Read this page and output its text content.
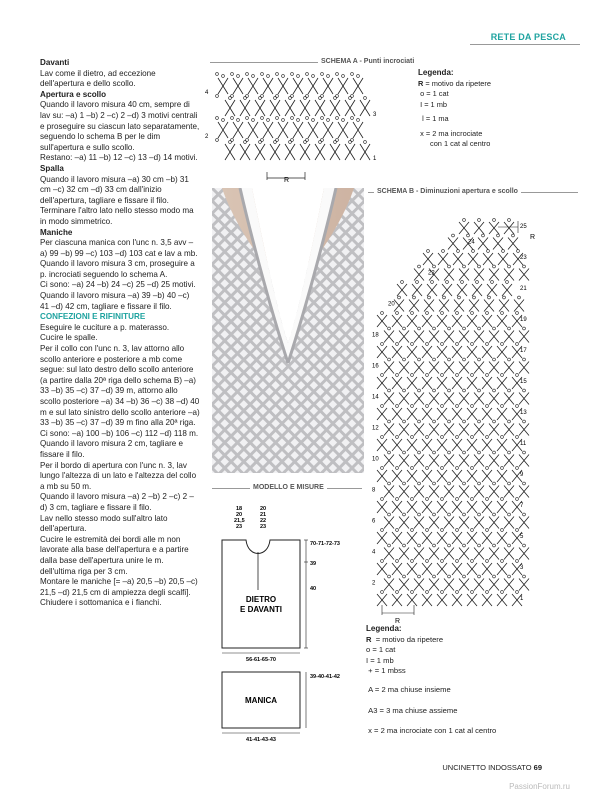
RETE DA PESCA

Davanti

Lav come il dietro, ad eccezione dell'apertura e dello scollo.

Apertura e scollo

Quando il lavoro misura 40 cm, sempre di lav su: –a) 1 –b) 2 –c) 2 –d) 3 motivi centrali e proseguire su ciascun lato separatamente, seguendo lo schema B per le dim sull'apertura e sullo scollo.

Restano: –a) 11 –b) 12 –c) 13 –d) 14 motivi.

Spalla

Quando il lavoro misura –a) 30 cm –b) 31 cm –c) 32 cm –d) 33 cm dall'inizio dell'apertura, tagliare e fissare il filo.

Terminare l'altro lato nello stesso modo ma in modo simmetrico.

Maniche

Per ciascuna manica con l'unc n. 3,5 avv –a) 99 –b) 99 –c) 103 –d) 103 cat e lav a mb.

Quando il lavoro misura 3 cm, proseguire a p. incrociati seguendo lo schema A.

Ci sono: –a) 24 –b) 24 –c) 25 –d) 25 motivi.

Quando il lavoro misura –a) 39 –b) 40 –c) 41 –d) 42 cm, tagliare e fissare il filo.

CONFEZIONI E RIFINITURE

Eseguire le cuciture a p. materasso.

Cucire le spalle.

Per il collo con l'unc n. 3, lav attorno allo scollo anteriore e posteriore a mb come segue: sul lato destro dello scollo anteriore (a partire dalla 20ª riga dello schema B) –a) 33 –b) 35 –c) 37 –d) 39 m, attorno allo scollo posteriore –a) 34 –b) 36 –c) 38 –d) 40 m e sul lato sinistro dello scollo anteriore –a) 33 –b) 35 –c) 37 –d) 39 m fino alla 20ª riga.

Ci sono: –a) 100 –b) 106 –c) 112 –d) 118 m.

Quando il lavoro misura 2 cm, tagliare e fissare il filo.

Per il bordo di apertura con l'unc n. 3, lav lungo l'altezza di un lato e l'altezza del collo a mb su 50 m.

Quando il lavoro misura –a) 2 –b) 2 –c) 2 –d) 3 cm, tagliare e fissare il filo.

Lav nello stesso modo sull'altro lato dell'apertura.

Cucire le estremità dei bordi alle m non lavorate alla base dell'apertura e a partire dalla base dell'apertura unire le m. dell'ultima riga per 3 cm.

Montare le maniche [= –a) 20,5 –b) 20,5 –c) 21,5 –d) 21,5 cm di ampiezza degli scalfi].

Chiudere i sottomanica e i fianchi.

SCHEMA A - Punti incrociati
4
3
2
1
R
Legenda:
R = motivo da ripetere
o = 1 cat
I = 1 mb
l = 1 ma
x = 2 ma incrociate
con 1 cat al centro
SCHEMA B - Diminuzioni apertura e scollo
24
22
20
18
16
14
12
10
8
6
4
2
25
23
21
19
17
15
13
11
9
7
5
3
1
R
R
MODELLO E MISURE
18
20
21,5
23
20
21
22
23
70-71-72-73
39
40
DIETRO
E DAVANTI
56-61-65-70
MANICA
39-40-41-42
41-41-43-43
Legenda:
R = motivo da ripetere
o = 1 cat
I = 1 mb
+ = 1 mbss
A = 2 ma chiuse insieme
A3 = 3 ma chiuse assieme
x = 2 ma incrociate con 1 cat al centro
UNCINETTO INDOSSATO 69
PassionForum.ru
